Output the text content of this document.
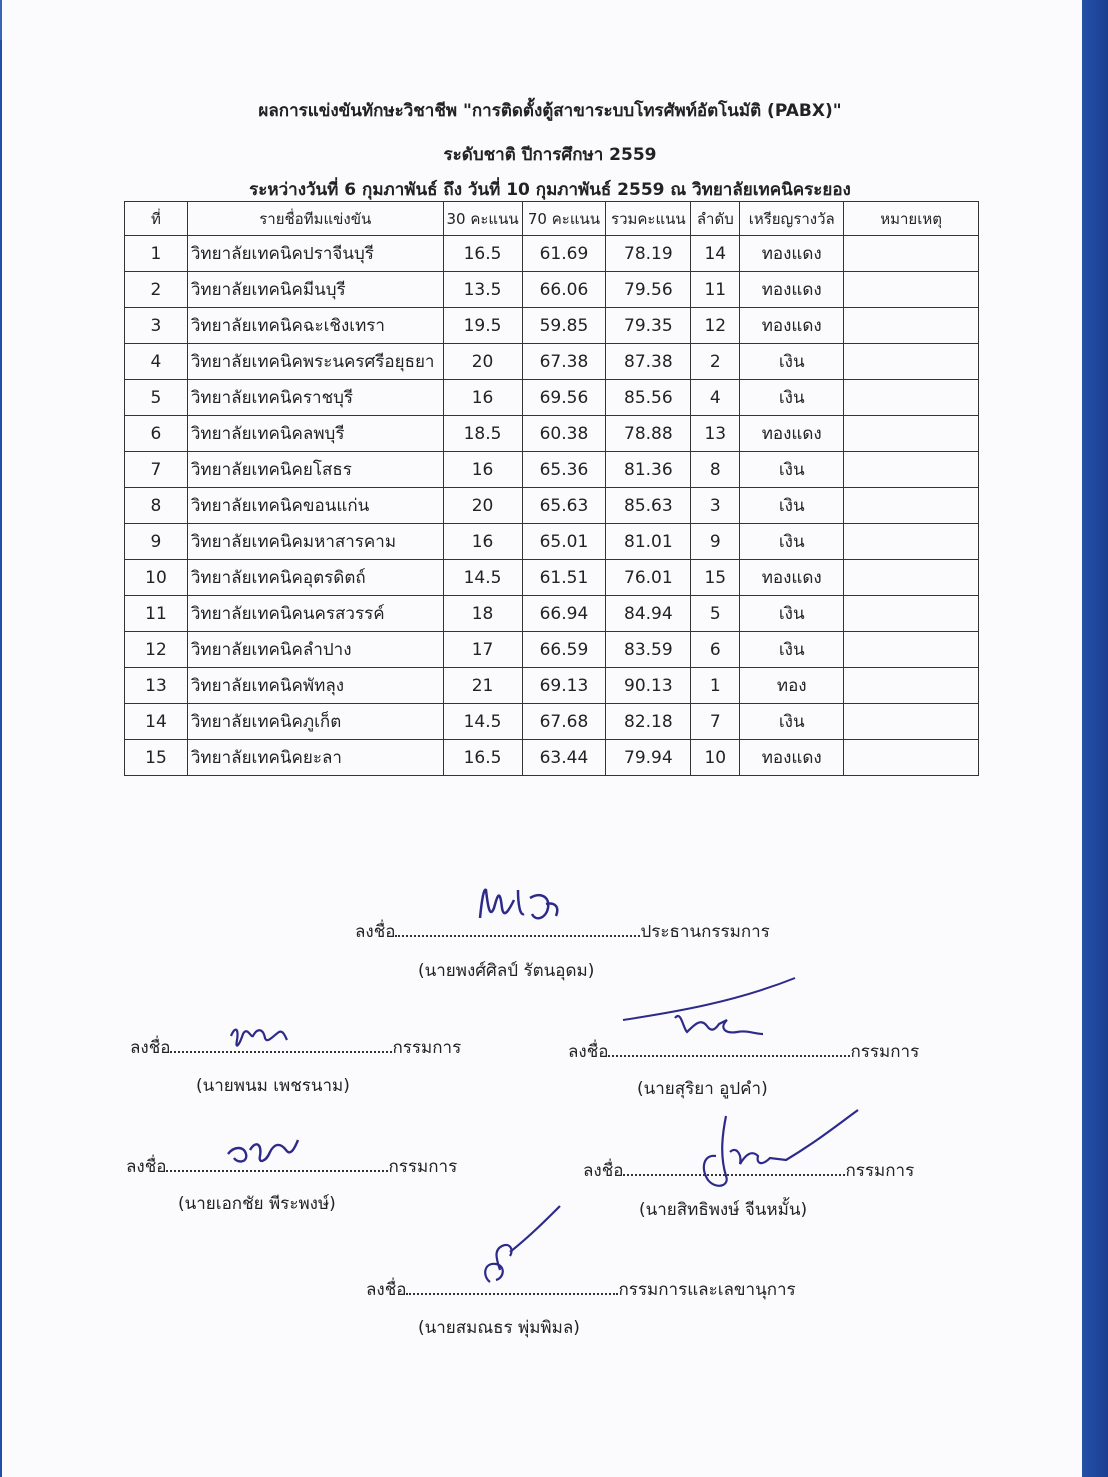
ผลการแข่งขันทักษะวิชาชีพ "การติดตั้งตู้สาขาระบบโทรศัพท์อัตโนมัติ (PABX)"
ระดับชาติ ปีการศึกษา 2559
ระหว่างวันที่ 6 กุมภาพันธ์ ถึง วันที่ 10 กุมภาพันธ์ 2559 ณ วิทยาลัยเทคนิคระยอง
ที่	รายชื่อทีมแข่งขัน	30 คะแนน	70 คะแนน	รวมคะแนน	ลำดับ	เหรียญรางวัล	หมายเหตุ
1	วิทยาลัยเทคนิคปราจีนบุรี	16.5	61.69	78.19	14	ทองแดง	
2	วิทยาลัยเทคนิคมีนบุรี	13.5	66.06	79.56	11	ทองแดง	
3	วิทยาลัยเทคนิคฉะเชิงเทรา	19.5	59.85	79.35	12	ทองแดง	
4	วิทยาลัยเทคนิคพระนครศรีอยุธยา	20	67.38	87.38	2	เงิน	
5	วิทยาลัยเทคนิคราชบุรี	16	69.56	85.56	4	เงิน	
6	วิทยาลัยเทคนิคลพบุรี	18.5	60.38	78.88	13	ทองแดง	
7	วิทยาลัยเทคนิคยโสธร	16	65.36	81.36	8	เงิน	
8	วิทยาลัยเทคนิคขอนแก่น	20	65.63	85.63	3	เงิน	
9	วิทยาลัยเทคนิคมหาสารคาม	16	65.01	81.01	9	เงิน	
10	วิทยาลัยเทคนิคอุตรดิตถ์	14.5	61.51	76.01	15	ทองแดง	
11	วิทยาลัยเทคนิคนครสวรรค์	18	66.94	84.94	5	เงิน	
12	วิทยาลัยเทคนิคลำปาง	17	66.59	83.59	6	เงิน	
13	วิทยาลัยเทคนิคพัทลุง	21	69.13	90.13	1	ทอง	
14	วิทยาลัยเทคนิคภูเก็ต	14.5	67.68	82.18	7	เงิน	
15	วิทยาลัยเทคนิคยะลา	16.5	63.44	79.94	10	ทองแดง	
ลงชื่อ	ประธานกรรมการ
(นายพงศ์ศิลป์ รัตนอุดม)
ลงชื่อ	กรรมการ
(นายพนม เพชรนาม)
ลงชื่อ	กรรมการ
(นายสุริยา อูปคำ)
ลงชื่อ	กรรมการ
(นายเอกชัย พีระพงษ์)
ลงชื่อ	กรรมการ
(นายสิทธิพงษ์ จีนหมั้น)
ลงชื่อ	กรรมการและเลขานุการ
(นายสมณธร พุ่มพิมล)
